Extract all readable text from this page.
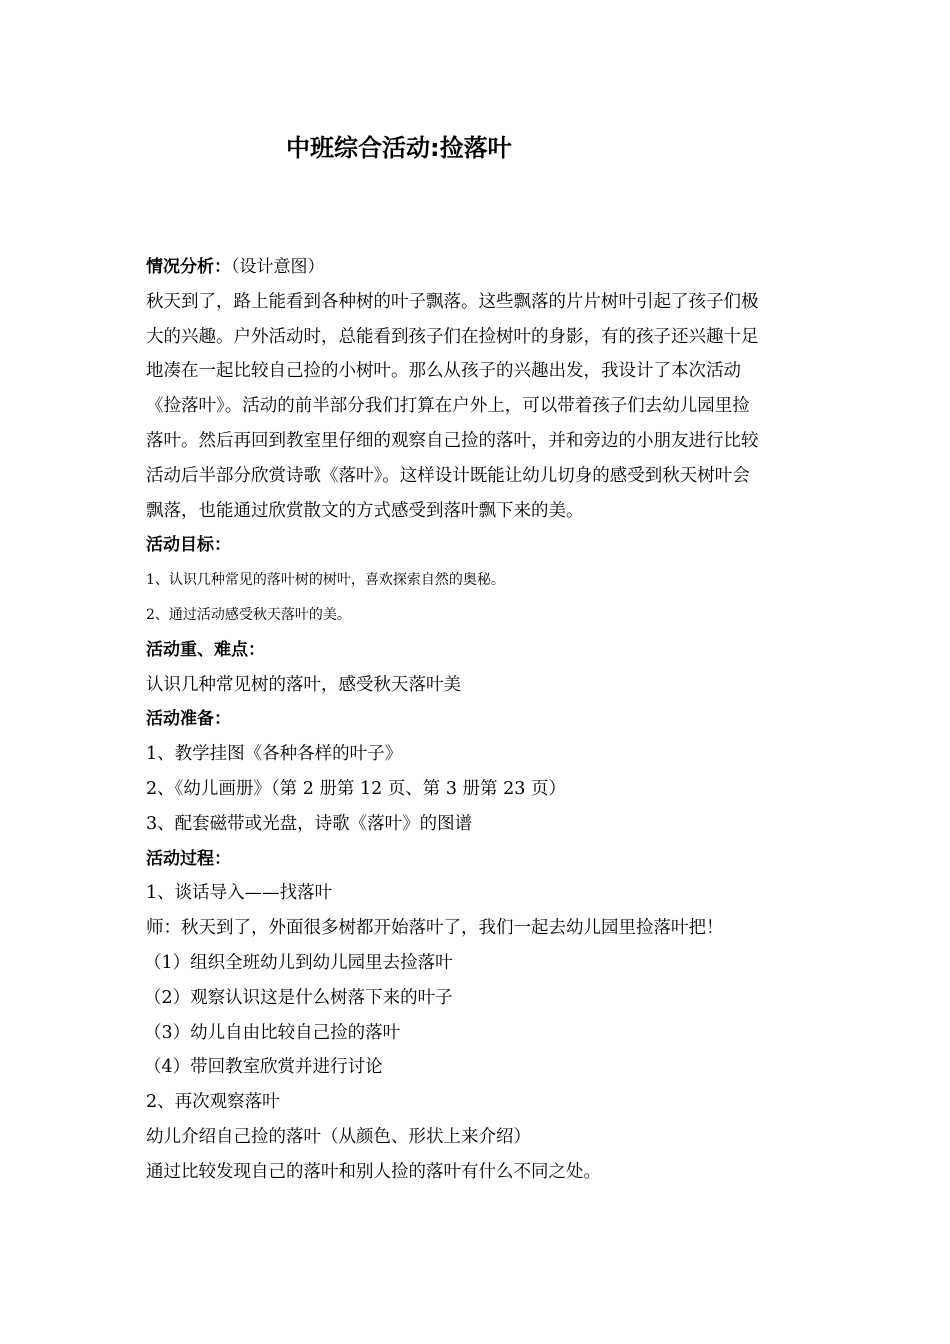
中班综合活动:捡落叶
情况分析：（设计意图）
秋天到了，路上能看到各种树的叶子飘落。这些飘落的片片树叶引起了孩子们极
大的兴趣。户外活动时，总能看到孩子们在捡树叶的身影，有的孩子还兴趣十足
地凑在一起比较自己捡的小树叶。那么从孩子的兴趣出发，我设计了本次活动
《捡落叶》。活动的前半部分我们打算在户外上，可以带着孩子们去幼儿园里捡
落叶。然后再回到教室里仔细的观察自己捡的落叶，并和旁边的小朋友进行比较
活动后半部分欣赏诗歌《落叶》。这样设计既能让幼儿切身的感受到秋天树叶会
飘落，也能通过欣赏散文的方式感受到落叶飘下来的美。
活动目标：
1、认识几种常见的落叶树的树叶，喜欢探索自然的奥秘。
2、通过活动感受秋天落叶的美。
活动重、难点：
认识几种常见树的落叶，感受秋天落叶美
活动准备：
1、教学挂图《各种各样的叶子》
2、《幼儿画册》（第 2 册第 12 页、第 3 册第 23 页）
3、配套磁带或光盘，诗歌《落叶》的图谱
活动过程：
1、谈话导入——找落叶
师：秋天到了，外面很多树都开始落叶了，我们一起去幼儿园里捡落叶把！
（1）组织全班幼儿到幼儿园里去捡落叶
（2）观察认识这是什么树落下来的叶子
（3）幼儿自由比较自己捡的落叶
（4）带回教室欣赏并进行讨论
2、再次观察落叶
幼儿介绍自己捡的落叶（从颜色、形状上来介绍）
通过比较发现自己的落叶和别人捡的落叶有什么不同之处。
